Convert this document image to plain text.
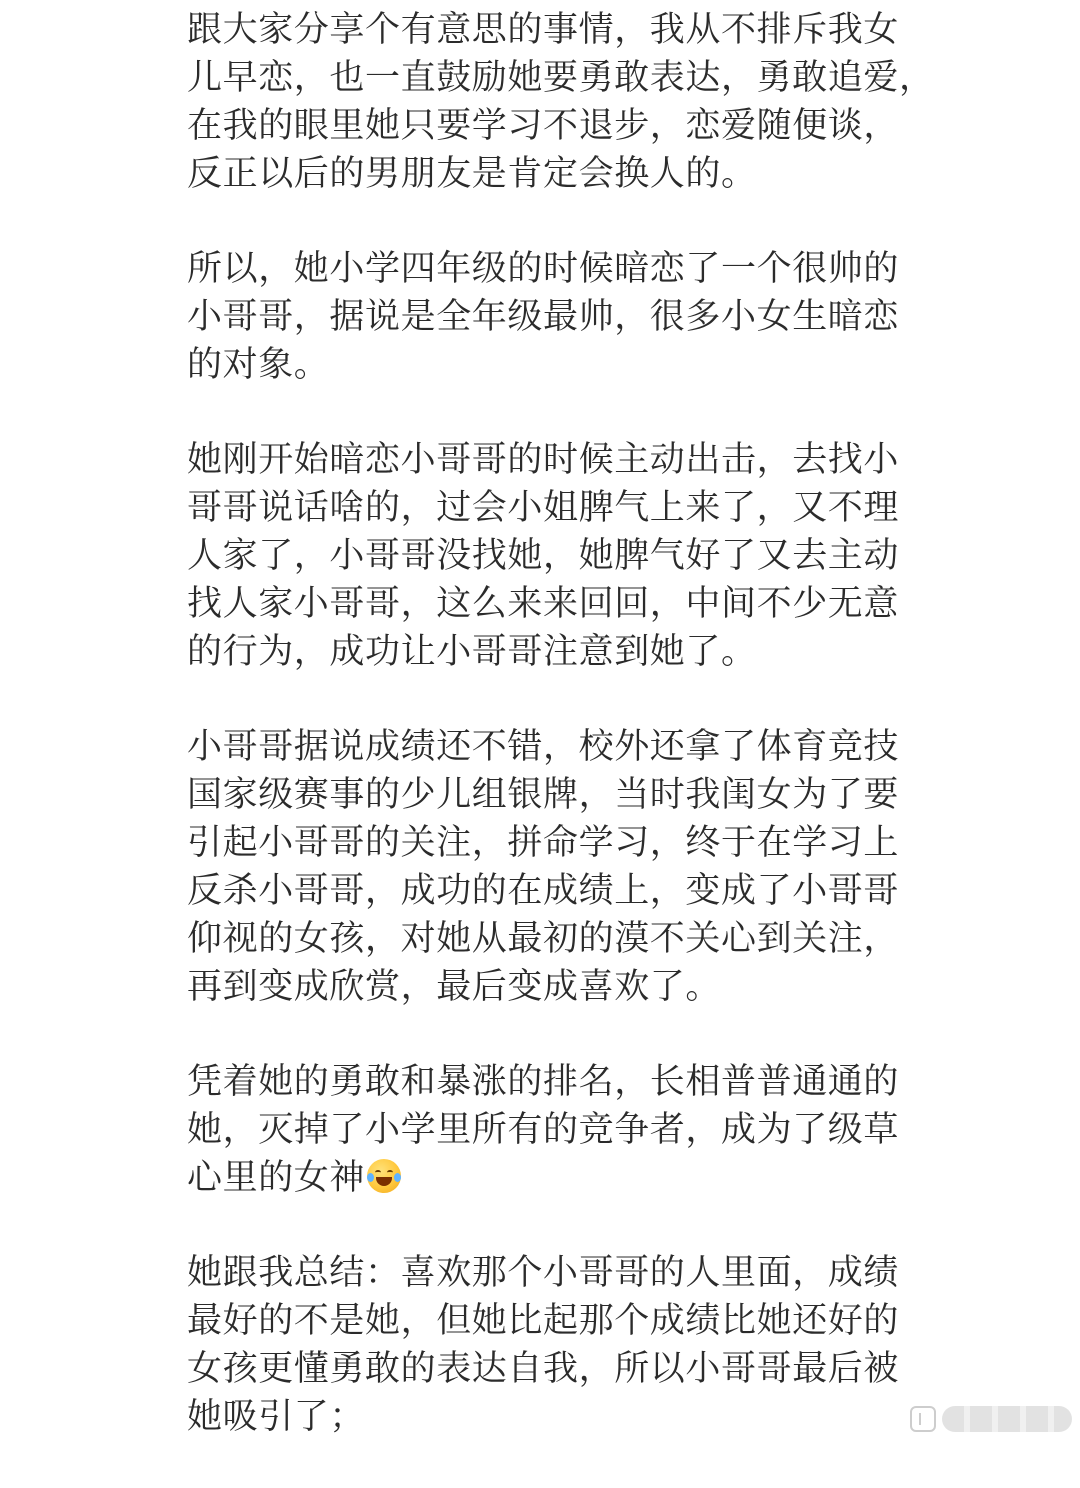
跟大家分享个有意思的事情，我从不排斥我女
儿早恋，也一直鼓励她要勇敢表达，勇敢追爱，
在我的眼里她只要学习不退步，恋爱随便谈，
反正以后的男朋友是肯定会换人的。

所以，她小学四年级的时候暗恋了一个很帅的
小哥哥，据说是全年级最帅，很多小女生暗恋
的对象。

她刚开始暗恋小哥哥的时候主动出击，去找小
哥哥说话啥的，过会小姐脾气上来了，又不理
人家了，小哥哥没找她，她脾气好了又去主动
找人家小哥哥，这么来来回回，中间不少无意
的行为，成功让小哥哥注意到她了。

小哥哥据说成绩还不错，校外还拿了体育竞技
国家级赛事的少儿组银牌，当时我闺女为了要
引起小哥哥的关注，拼命学习，终于在学习上
反杀小哥哥，成功的在成绩上，变成了小哥哥
仰视的女孩，对她从最初的漠不关心到关注，
再到变成欣赏，最后变成喜欢了。

凭着她的勇敢和暴涨的排名，长相普普通通的
她，灭掉了小学里所有的竞争者，成为了级草
心里的女神

她跟我总结：喜欢那个小哥哥的人里面，成绩
最好的不是她，但她比起那个成绩比她还好的
女孩更懂勇敢的表达自我，所以小哥哥最后被
她吸引了；
